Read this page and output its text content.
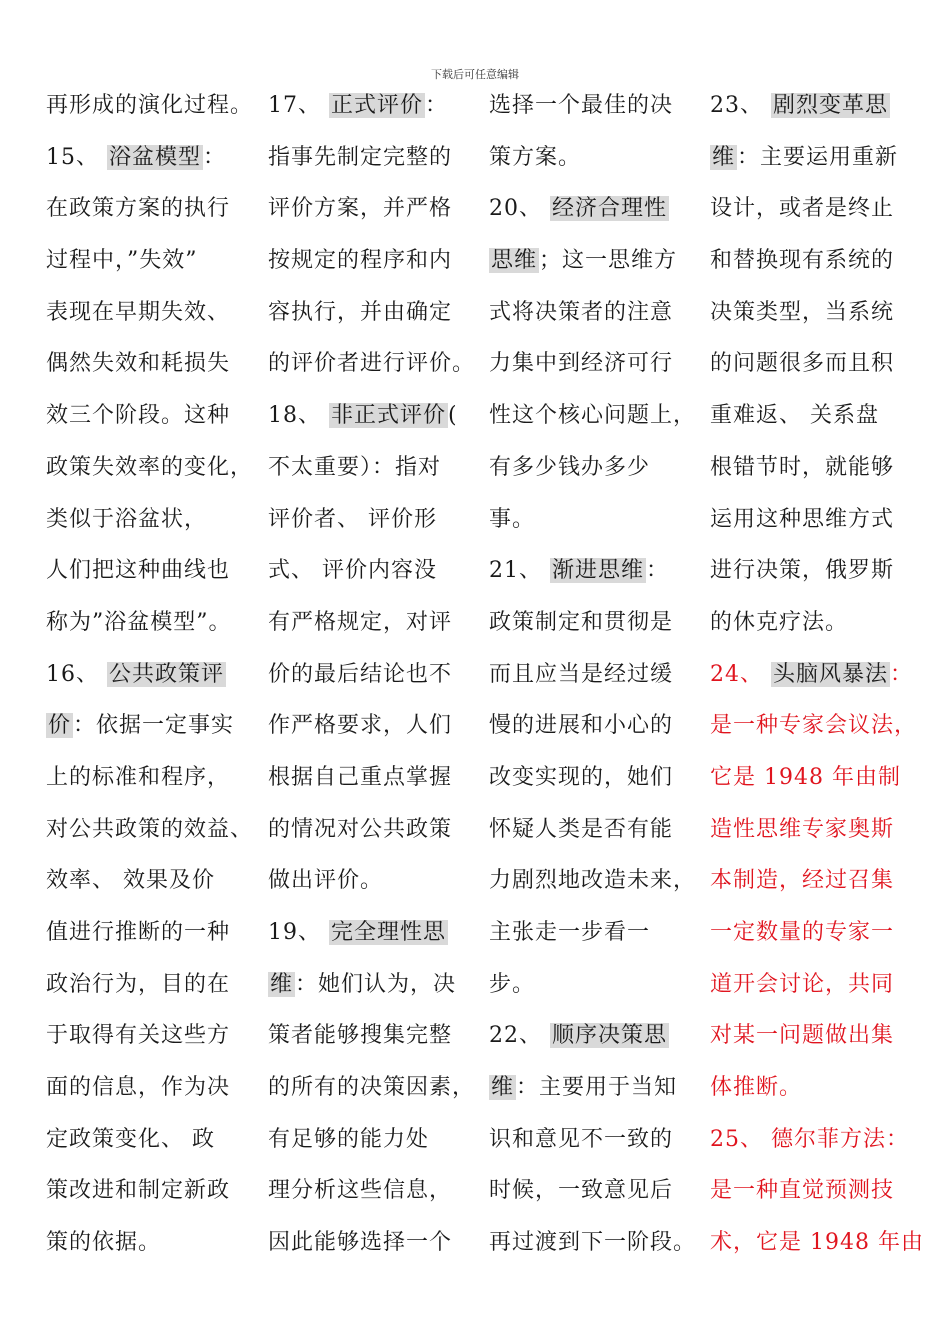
下载后可任意编辑
再形成的演化过程。
15、 浴盆模型：
在政策方案的执行
过程中，”失效”
表现在早期失效、
偶然失效和耗损失
效三个阶段。这种
政策失效率的变化，
类似于浴盆状，
人们把这种曲线也
称为”浴盆模型”。
16、 公共政策评
价：依据一定事实
上的标准和程序，
对公共政策的效益、
效率、 效果及价
值进行推断的一种
政治行为，目的在
于取得有关这些方
面的信息，作为决
定政策变化、 政
策改进和制定新政
策的依据。
17、 正式评价：
指事先制定完整的
评价方案，并严格
按规定的程序和内
容执行，并由确定
的评价者进行评价。
18、 非正式评价(
不太重要）：指对
评价者、 评价形
式、 评价内容没
有严格规定，对评
价的最后结论也不
作严格要求，人们
根据自己重点掌握
的情况对公共政策
做出评价。
19、 完全理性思
维：她们认为，决
策者能够搜集完整
的所有的决策因素，
有足够的能力处
理分析这些信息，
因此能够选择一个
选择一个最佳的决
策方案。
20、 经济合理性
思维；这一思维方
式将决策者的注意
力集中到经济可行
性这个核心问题上，
有多少钱办多少
事。
21、 渐进思维：
政策制定和贯彻是
而且应当是经过缓
慢的进展和小心的
改变实现的，她们
怀疑人类是否有能
力剧烈地改造未来，
主张走一步看一
步。
22、 顺序决策思
维：主要用于当知
识和意见不一致的
时候，一致意见后
再过渡到下一阶段。
23、 剧烈变革思
维：主要运用重新
设计，或者是终止
和替换现有系统的
决策类型，当系统
的问题很多而且积
重难返、 关系盘
根错节时，就能够
运用这种思维方式
进行决策，俄罗斯
的休克疗法。
24、 头脑风暴法：
是一种专家会议法，
它是 1948 年由制
造性思维专家奥斯
本制造，经过召集
一定数量的专家一
道开会讨论，共同
对某一问题做出集
体推断。
25、 德尔菲方法：
是一种直觉预测技
术，它是 1948 年由
